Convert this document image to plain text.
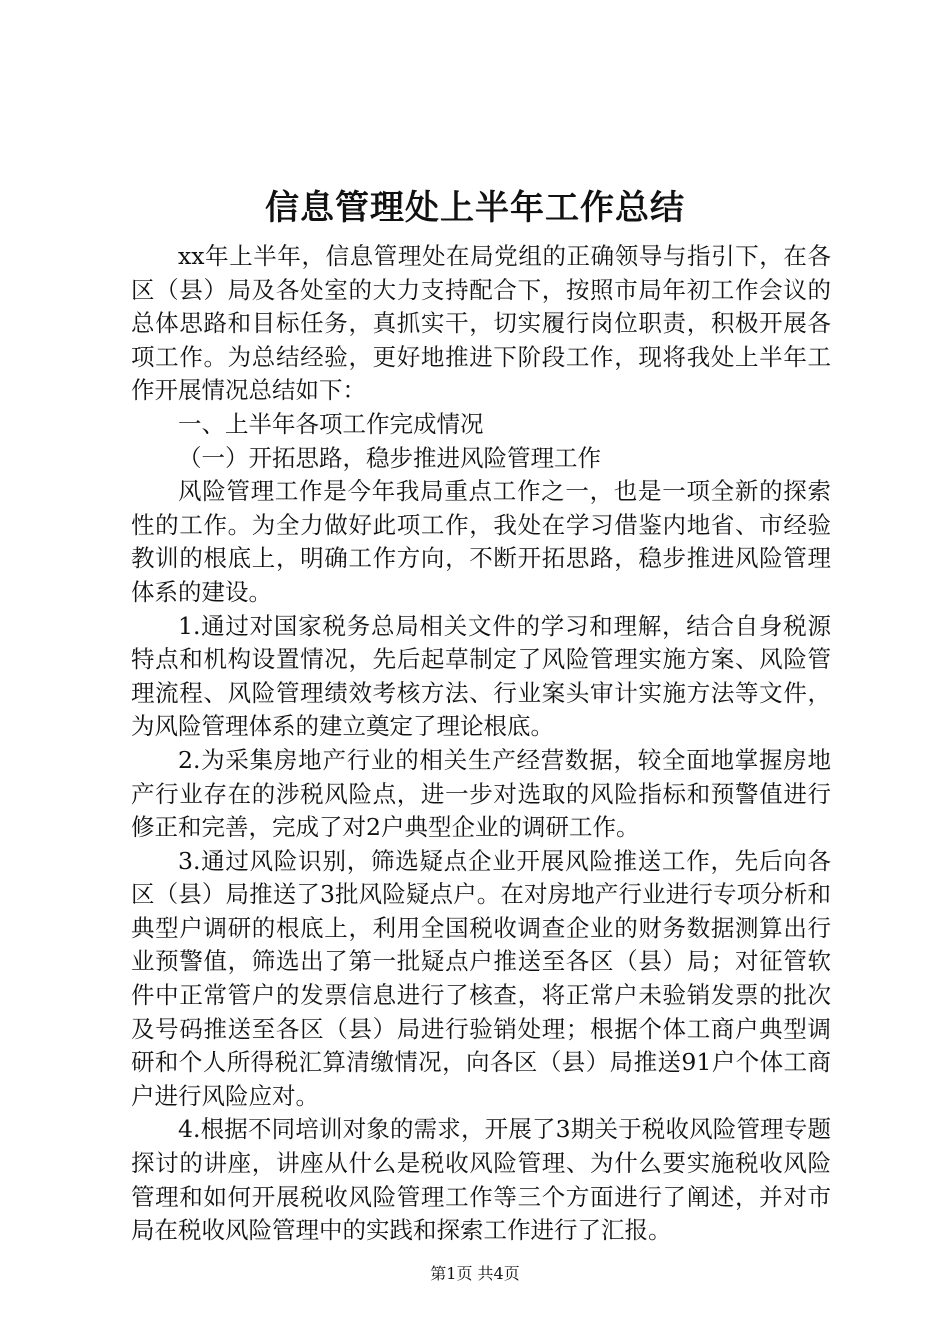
信息管理处上半年工作总结

xx年上半年，信息管理处在局党组的正确领导与指引下，在各区（县）局及各处室的大力支持配合下，按照市局年初工作会议的总体思路和目标任务，真抓实干，切实履行岗位职责，积极开展各项工作。为总结经验，更好地推进下阶段工作，现将我处上半年工作开展情况总结如下：

一、上半年各项工作完成情况

（一）开拓思路，稳步推进风险管理工作

风险管理工作是今年我局重点工作之一，也是一项全新的探索性的工作。为全力做好此项工作，我处在学习借鉴内地省、市经验教训的根底上，明确工作方向，不断开拓思路，稳步推进风险管理体系的建设。

1.通过对国家税务总局相关文件的学习和理解，结合自身税源特点和机构设置情况，先后起草制定了风险管理实施方案、风险管理流程、风险管理绩效考核方法、行业案头审计实施方法等文件，为风险管理体系的建立奠定了理论根底。

2.为采集房地产行业的相关生产经营数据，较全面地掌握房地产行业存在的涉税风险点，进一步对选取的风险指标和预警值进行修正和完善，完成了对2户典型企业的调研工作。

3.通过风险识别，筛选疑点企业开展风险推送工作，先后向各区（县）局推送了3批风险疑点户。在对房地产行业进行专项分析和典型户调研的根底上，利用全国税收调查企业的财务数据测算出行业预警值，筛选出了第一批疑点户推送至各区（县）局；对征管软件中正常管户的发票信息进行了核查，将正常户未验销发票的批次及号码推送至各区（县）局进行验销处理；根据个体工商户典型调研和个人所得税汇算清缴情况，向各区（县）局推送91户个体工商户进行风险应对。

4.根据不同培训对象的需求，开展了3期关于税收风险管理专题探讨的讲座，讲座从什么是税收风险管理、为什么要实施税收风险管理和如何开展税收风险管理工作等三个方面进行了阐述，并对市局在税收风险管理中的实践和探索工作进行了汇报。

第1页 共4页
